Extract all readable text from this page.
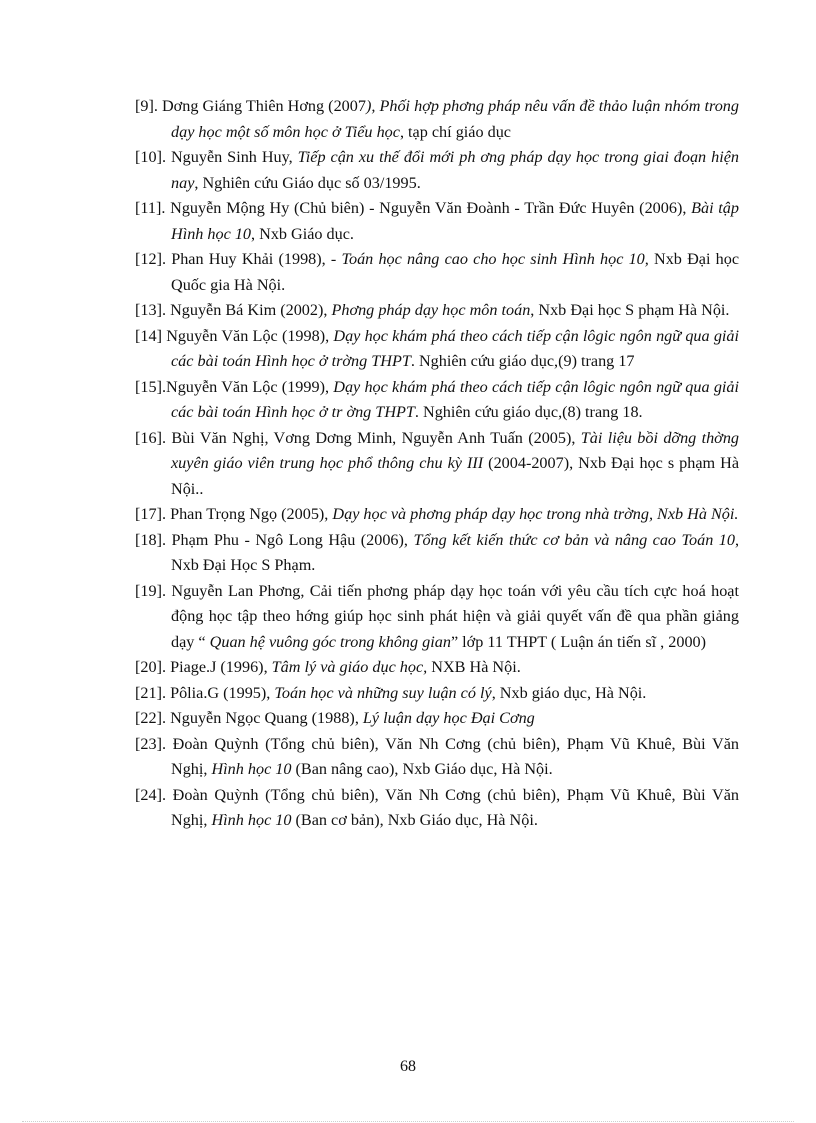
[9]. Dơng Giáng Thiên Hơng (2007), Phối hợp phơng pháp nêu vấn đề thảo luận nhóm trong dạy học một số môn học ở Tiểu học, tạp chí giáo dục
[10]. Nguyễn Sinh Huy, Tiếp cận xu thế đổi mới ph ơng pháp dạy học trong giai đoạn hiện nay, Nghiên cứu Giáo dục số 03/1995.
[11]. Nguyễn Mộng Hy (Chủ biên) - Nguyễn Văn Đoành - Trần Đức Huyên (2006), Bài tập Hình học 10, Nxb Giáo dục.
[12]. Phan Huy Khải (1998), - Toán học nâng cao cho học sinh Hình học 10, Nxb Đại học Quốc gia Hà Nội.
[13]. Nguyễn Bá Kim (2002), Phơng pháp dạy học môn toán, Nxb Đại học S phạm Hà Nội.
[14] Nguyễn Văn Lộc (1998), Dạy học khám phá theo cách tiếp cận lôgic ngôn ngữ qua giải các bài toán Hình học ở trờng THPT. Nghiên cứu giáo dục,(9) trang 17
[15].Nguyễn Văn Lộc (1999), Dạy học khám phá theo cách tiếp cận lôgic ngôn ngữ qua giải các bài toán Hình học ở tr ờng THPT. Nghiên cứu giáo dục,(8) trang 18.
[16]. Bùi Văn Nghị, Vơng Dơng Minh, Nguyễn Anh Tuấn (2005), Tài liệu bồi dỡng thờng xuyên giáo viên trung học phổ thông chu kỳ III (2004-2007), Nxb Đại học s phạm Hà Nội..
[17]. Phan Trọng Ngọ (2005), Dạy học và phơng pháp dạy học trong nhà trờng, Nxb Hà Nội.
[18]. Phạm Phu - Ngô Long Hậu (2006), Tổng kết kiến thức cơ bản và nâng cao Toán 10, Nxb Đại Học S Phạm.
[19]. Nguyễn Lan Phơng, Cải tiến phơng pháp dạy học toán với yêu cầu tích cực hoá hoạt động học tập theo hớng giúp học sinh phát hiện và giải quyết vấn đề qua phần giảng dạy “ Quan hệ vuông góc trong không gian” lớp 11 THPT ( Luận án tiến sĩ , 2000)
[20]. Piage.J (1996), Tâm lý và giáo dục học, NXB Hà Nội.
[21]. Pôlia.G (1995), Toán học và những suy luận có lý, Nxb giáo dục, Hà Nội.
[22]. Nguyễn Ngọc Quang (1988), Lý luận dạy học Đại Cơng
[23]. Đoàn Quỳnh (Tổng chủ biên), Văn Nh Cơng (chủ biên), Phạm Vũ Khuê, Bùi Văn Nghị, Hình học 10 (Ban nâng cao), Nxb Giáo dục, Hà Nội.
[24]. Đoàn Quỳnh (Tổng chủ biên), Văn Nh Cơng (chủ biên), Phạm Vũ Khuê, Bùi Văn Nghị, Hình học 10 (Ban cơ bản), Nxb Giáo dục, Hà Nội.
68
